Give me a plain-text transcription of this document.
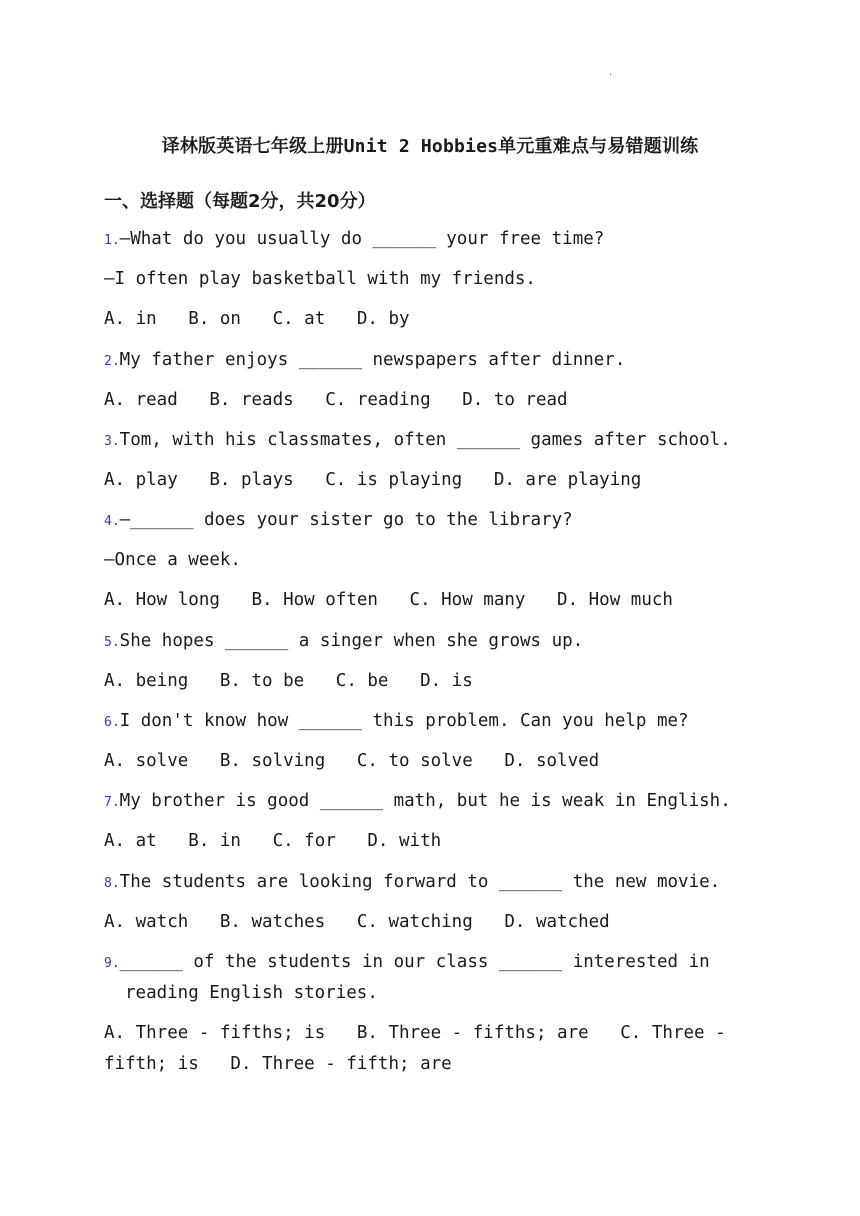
·
译林版英语七年级上册Unit 2 Hobbies单元重难点与易错题训练
一、选择题（每题2分，共20分）
1.—What do you usually do ______ your free time?
—I often play basketball with my friends.
A. in   B. on   C. at   D. by
2.My father enjoys ______ newspapers after dinner.
A. read   B. reads   C. reading   D. to read
3.Tom, with his classmates, often ______ games after school.
A. play   B. plays   C. is playing   D. are playing
4.—______ does your sister go to the library?
—Once a week.
A. How long   B. How often   C. How many   D. How much
5.She hopes ______ a singer when she grows up.
A. being   B. to be   C. be   D. is
6.I don't know how ______ this problem. Can you help me?
A. solve   B. solving   C. to solve   D. solved
7.My brother is good ______ math, but he is weak in English.
A. at   B. in   C. for   D. with
8.The students are looking forward to ______ the new movie.
A. watch   B. watches   C. watching   D. watched
9.______ of the students in our class ______ interested in
reading English stories.
A. Three - fifths; is   B. Three - fifths; are   C. Three -
fifth; is   D. Three - fifth; are
